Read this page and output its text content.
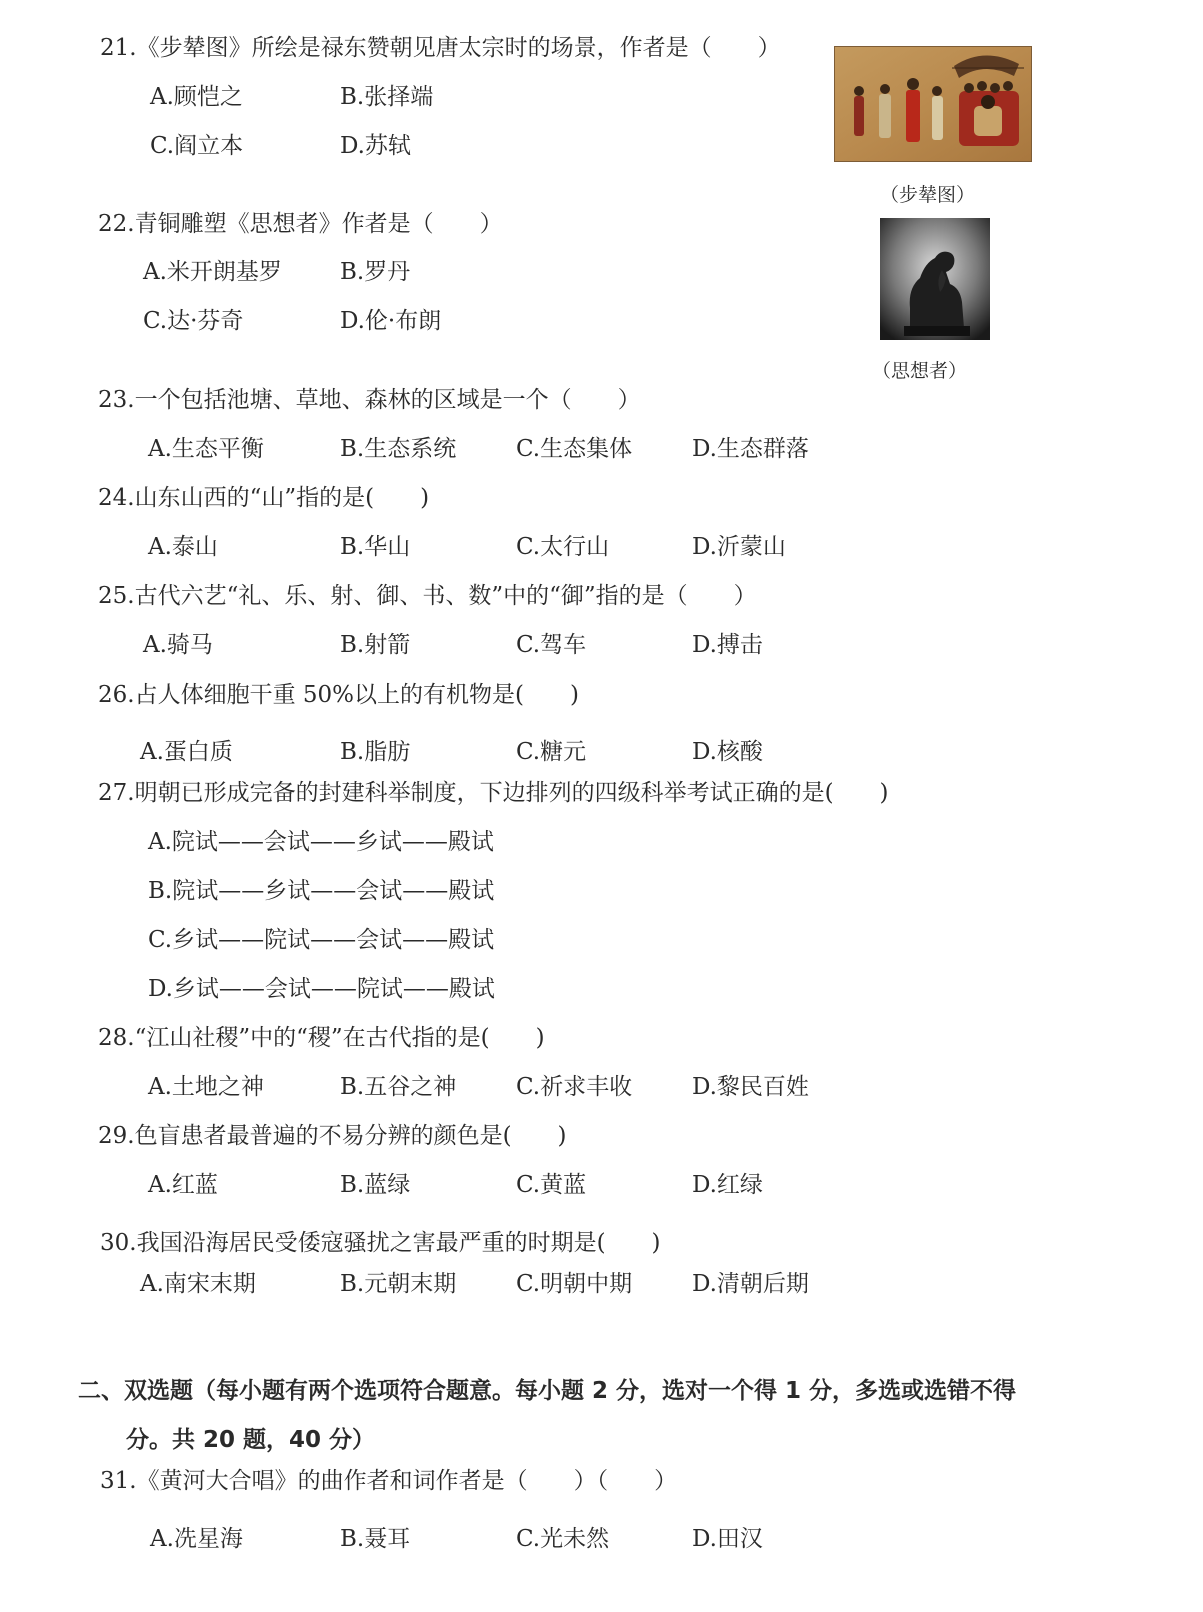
21.《步辇图》所绘是禄东赞朝见唐太宗时的场景，作者是（　　）
A.顾恺之	B.张择端
C.阎立本	D.苏轼
（步辇图）
22.青铜雕塑《思想者》作者是（　　）
A.米开朗基罗	B.罗丹
C.达·芬奇	D.伦·布朗
（思想者）
23.一个包括池塘、草地、森林的区域是一个（　　）
A.生态平衡	B.生态系统	C.生态集体	D.生态群落
24.山东山西的“山”指的是(　　)
A.泰山	B.华山	C.太行山	D.沂蒙山
25.古代六艺“礼、乐、射、御、书、数”中的“御”指的是（　　）
A.骑马	B.射箭	C.驾车	D.搏击
26.占人体细胞干重 50%以上的有机物是(　　)
A.蛋白质	B.脂肪	C.糖元	D.核酸
27.明朝已形成完备的封建科举制度，下边排列的四级科举考试正确的是(　　)
A.院试——会试——乡试——殿试
B.院试——乡试——会试——殿试
C.乡试——院试——会试——殿试
D.乡试——会试——院试——殿试
28.“江山社稷”中的“稷”在古代指的是(　　)
A.土地之神	B.五谷之神	C.祈求丰收	D.黎民百姓
29.色盲患者最普遍的不易分辨的颜色是(　　)
A.红蓝	B.蓝绿	C.黄蓝	D.红绿
30.我国沿海居民受倭寇骚扰之害最严重的时期是(　　)
A.南宋末期	B.元朝末期	C.明朝中期	D.清朝后期
二、双选题（每小题有两个选项符合题意。每小题 2 分，选对一个得 1 分，多选或选错不得
分。共 20 题，40 分）
31.《黄河大合唱》的曲作者和词作者是（　　）（　　）
A.冼星海	B.聂耳	C.光未然	D.田汉
